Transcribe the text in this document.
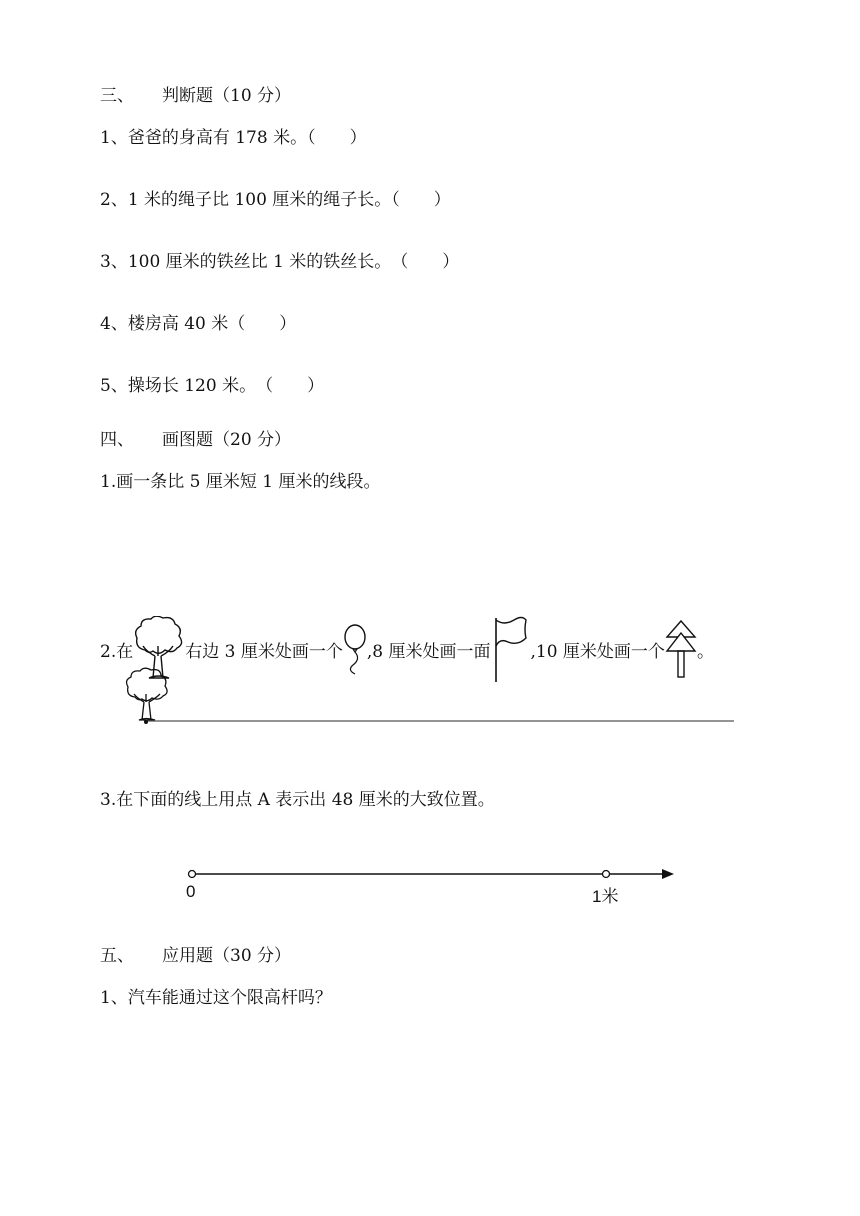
三、 判断题（10 分）
1、爸爸的身高有 178 米。（　　）
2、1 米的绳子比 100 厘米的绳子长。（　　）
3、100 厘米的铁丝比 1 米的铁丝长。　（　　）
4、楼房高 40 米（　　）
5、操场长 120 米。　（　　）
四、 画图题（20 分）
1.画一条比 5 厘米短 1 厘米的线段。
2.在	右边 3 厘米处画一个 ,8 厘米处画一面 ,10 厘米处画一个 。
3.在下面的线上用点 A 表示出 48 厘米的大致位置。
0	1米
五、 应用题（30 分）
1、汽车能通过这个限高杆吗？
